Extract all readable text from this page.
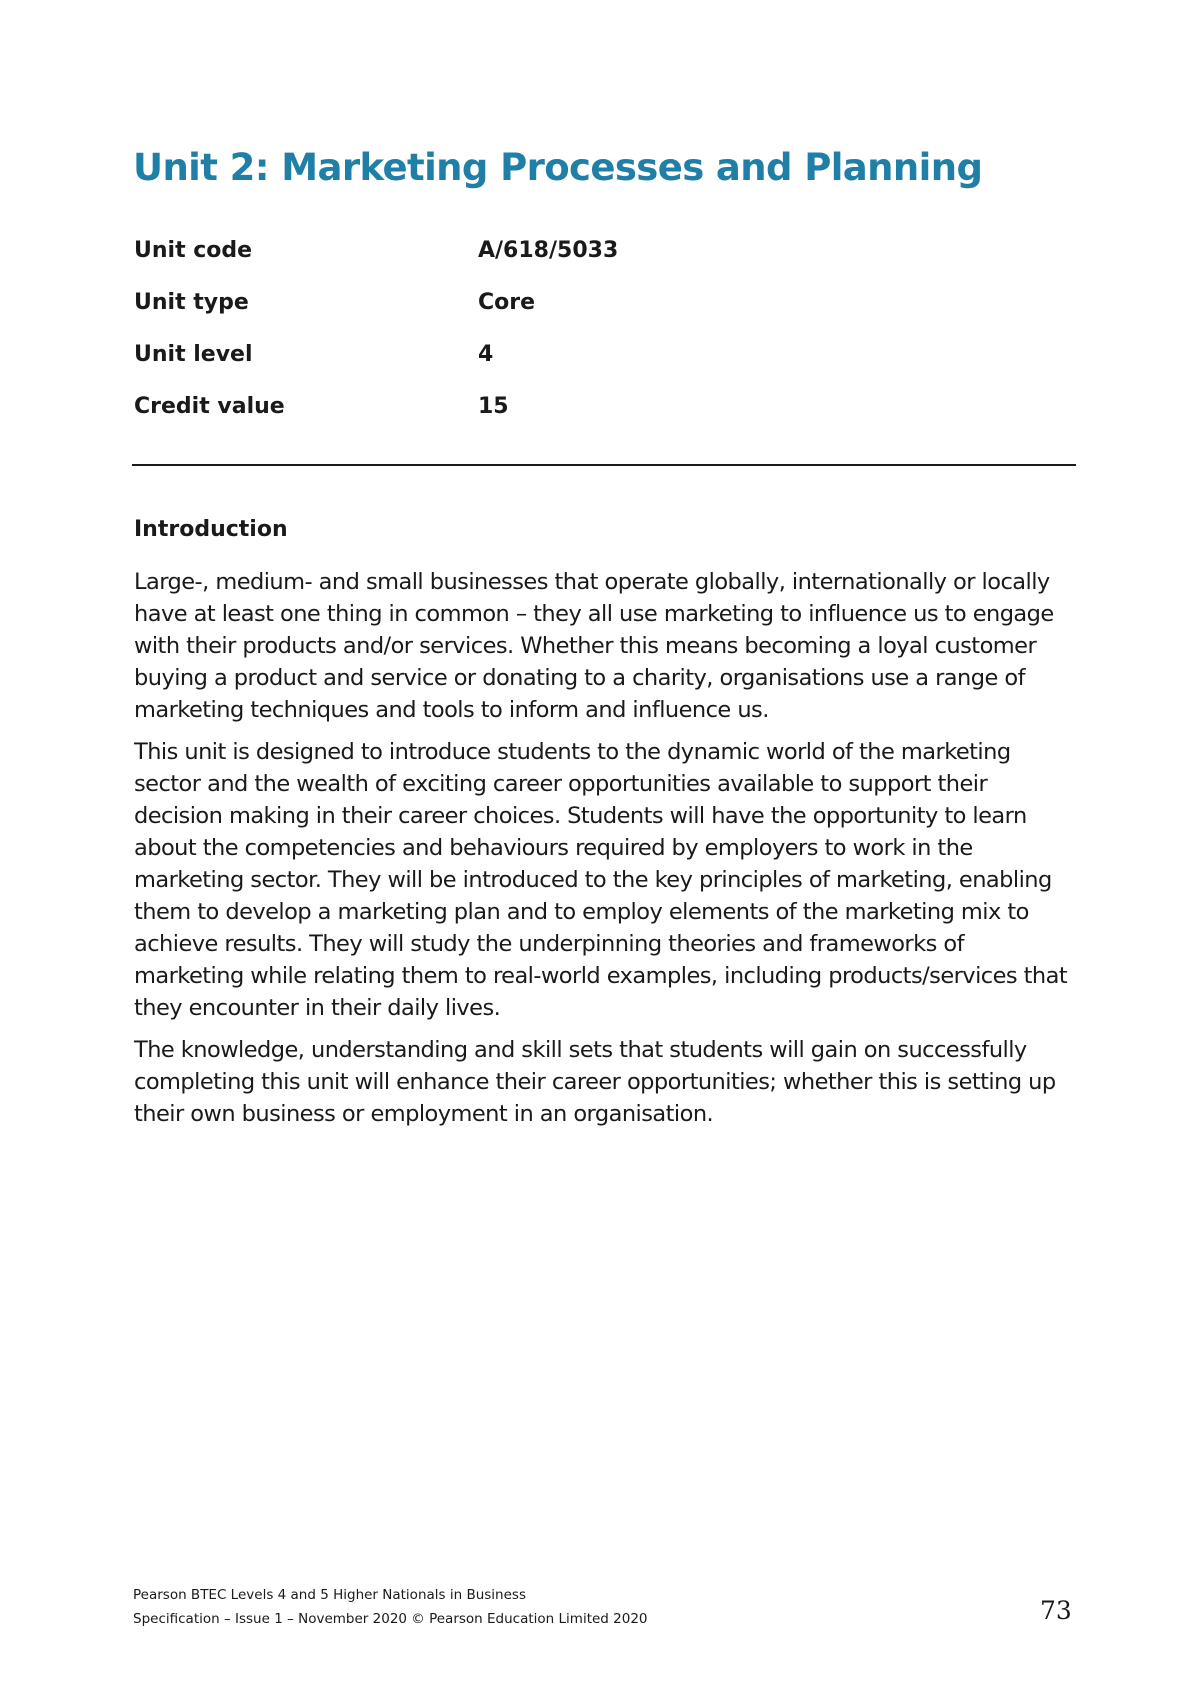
Unit 2: Marketing Processes and Planning
Unit code	A/618/5033
Unit type	Core
Unit level	4
Credit value	15
Introduction

Large-, medium- and small businesses that operate globally, internationally or locally have at least one thing in common – they all use marketing to influence us to engage with their products and/or services. Whether this means becoming a loyal customer buying a product and service or donating to a charity, organisations use a range of marketing techniques and tools to inform and influence us.

This unit is designed to introduce students to the dynamic world of the marketing sector and the wealth of exciting career opportunities available to support their decision making in their career choices. Students will have the opportunity to learn about the competencies and behaviours required by employers to work in the marketing sector. They will be introduced to the key principles of marketing, enabling them to develop a marketing plan and to employ elements of the marketing mix to achieve results. They will study the underpinning theories and frameworks of marketing while relating them to real-world examples, including products/services that they encounter in their daily lives.

The knowledge, understanding and skill sets that students will gain on successfully completing this unit will enhance their career opportunities; whether this is setting up their own business or employment in an organisation.

Pearson BTEC Levels 4 and 5 Higher Nationals in Business
Specification – Issue 1 – November 2020 © Pearson Education Limited 2020	73
